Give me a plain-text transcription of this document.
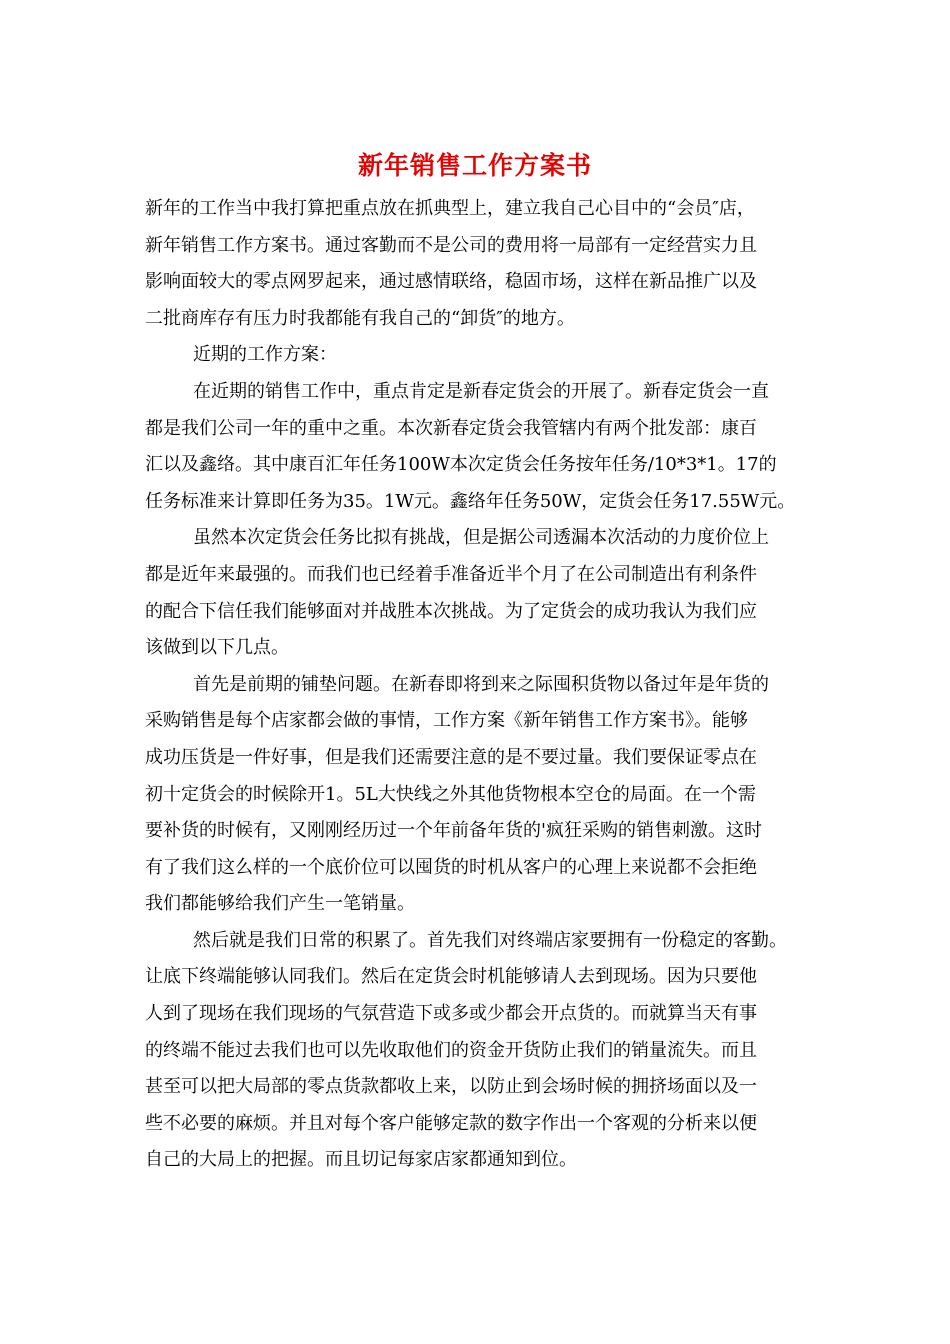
新年销售工作方案书
新年的工作当中我打算把重点放在抓典型上，建立我自己心目中的“会员″店，
新年销售工作方案书。通过客勤而不是公司的费用将一局部有一定经营实力且
影响面较大的零点网罗起来，通过感情联络，稳固市场，这样在新品推广以及
二批商库存有压力时我都能有我自己的“卸货″的地方。
近期的工作方案：
在近期的销售工作中，重点肯定是新春定货会的开展了。新春定货会一直
都是我们公司一年的重中之重。本次新春定货会我管辖内有两个批发部：康百
汇以及鑫络。其中康百汇年任务100W本次定货会任务按年任务/10*3*1。17的
任务标准来计算即任务为35。1W元。鑫络年任务50W，定货会任务17.55W元。
虽然本次定货会任务比拟有挑战，但是据公司透漏本次活动的力度价位上
都是近年来最强的。而我们也已经着手准备近半个月了在公司制造出有利条件
的配合下信任我们能够面对并战胜本次挑战。为了定货会的成功我认为我们应
该做到以下几点。
首先是前期的铺垫问题。在新春即将到来之际囤积货物以备过年是年货的
采购销售是每个店家都会做的事情，工作方案《新年销售工作方案书》。能够
成功压货是一件好事，但是我们还需要注意的是不要过量。我们要保证零点在
初十定货会的时候除开1。5L大快线之外其他货物根本空仓的局面。在一个需
要补货的时候有，又刚刚经历过一个年前备年货的'疯狂采购的销售刺激。这时
有了我们这么样的一个底价位可以囤货的时机从客户的心理上来说都不会拒绝
我们都能够给我们产生一笔销量。
然后就是我们日常的积累了。首先我们对终端店家要拥有一份稳定的客勤。
让底下终端能够认同我们。然后在定货会时机能够请人去到现场。因为只要他
人到了现场在我们现场的气氛营造下或多或少都会开点货的。而就算当天有事
的终端不能过去我们也可以先收取他们的资金开货防止我们的销量流失。而且
甚至可以把大局部的零点货款都收上来，以防止到会场时候的拥挤场面以及一
些不必要的麻烦。并且对每个客户能够定款的数字作出一个客观的分析来以便
自己的大局上的把握。而且切记每家店家都通知到位。
